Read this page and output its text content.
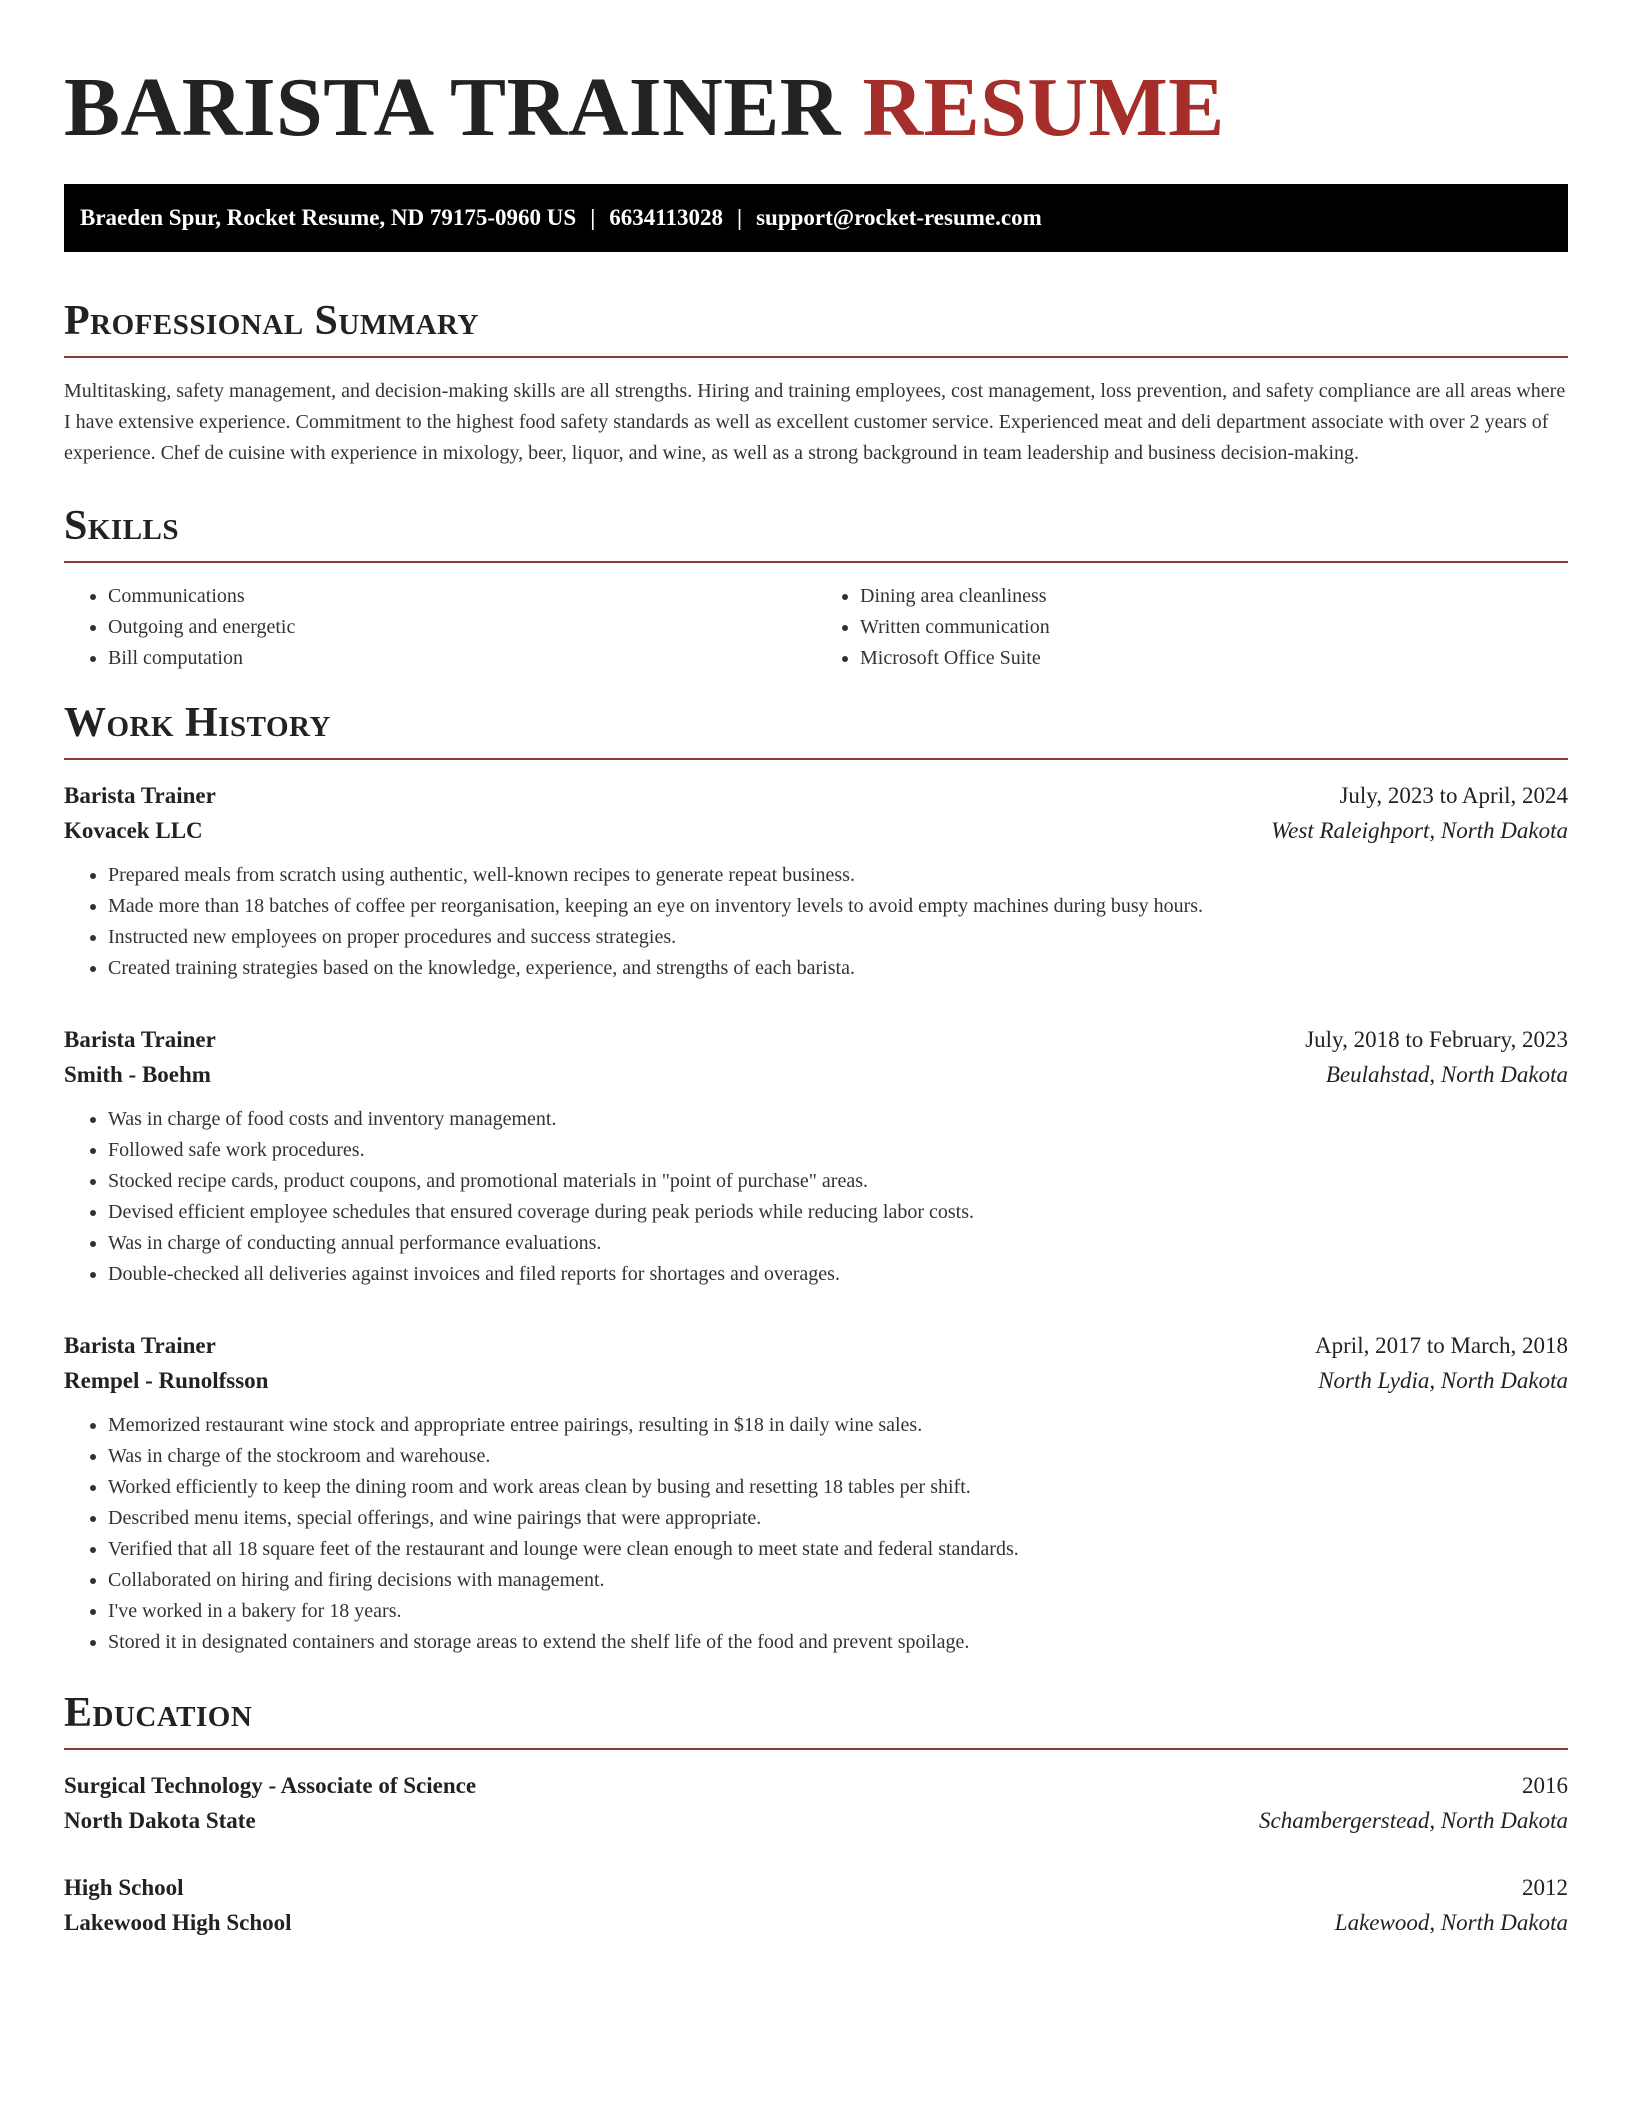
BARISTA TRAINER RESUME
Braeden Spur, Rocket Resume, ND 79175-0960 US | 6634113028 | support@rocket-resume.com
Professional Summary

Multitasking, safety management, and decision-making skills are all strengths. Hiring and training employees, cost management, loss prevention, and safety compliance are all areas where I have extensive experience. Commitment to the highest food safety standards as well as excellent customer service. Experienced meat and deli department associate with over 2 years of experience. Chef de cuisine with experience in mixology, beer, liquor, and wine, as well as a strong background in team leadership and business decision-making.

Skills
• Communications
• Outgoing and energetic
• Bill computation
• Dining area cleanliness
• Written communication
• Microsoft Office Suite
Work History
Barista Trainer	July, 2023 to April, 2024
Kovacek LLC	West Raleighport, North Dakota
• Prepared meals from scratch using authentic, well-known recipes to generate repeat business.
• Made more than 18 batches of coffee per reorganisation, keeping an eye on inventory levels to avoid empty machines during busy hours.
• Instructed new employees on proper procedures and success strategies.
• Created training strategies based on the knowledge, experience, and strengths of each barista.
Barista Trainer	July, 2018 to February, 2023
Smith - Boehm	Beulahstad, North Dakota
• Was in charge of food costs and inventory management.
• Followed safe work procedures.
• Stocked recipe cards, product coupons, and promotional materials in "point of purchase" areas.
• Devised efficient employee schedules that ensured coverage during peak periods while reducing labor costs.
• Was in charge of conducting annual performance evaluations.
• Double-checked all deliveries against invoices and filed reports for shortages and overages.
Barista Trainer	April, 2017 to March, 2018
Rempel - Runolfsson	North Lydia, North Dakota
• Memorized restaurant wine stock and appropriate entree pairings, resulting in $18 in daily wine sales.
• Was in charge of the stockroom and warehouse.
• Worked efficiently to keep the dining room and work areas clean by busing and resetting 18 tables per shift.
• Described menu items, special offerings, and wine pairings that were appropriate.
• Verified that all 18 square feet of the restaurant and lounge were clean enough to meet state and federal standards.
• Collaborated on hiring and firing decisions with management.
• I've worked in a bakery for 18 years.
• Stored it in designated containers and storage areas to extend the shelf life of the food and prevent spoilage.
Education
Surgical Technology - Associate of Science	2016
North Dakota State	Schambergerstead, North Dakota
High School	2012
Lakewood High School	Lakewood, North Dakota
